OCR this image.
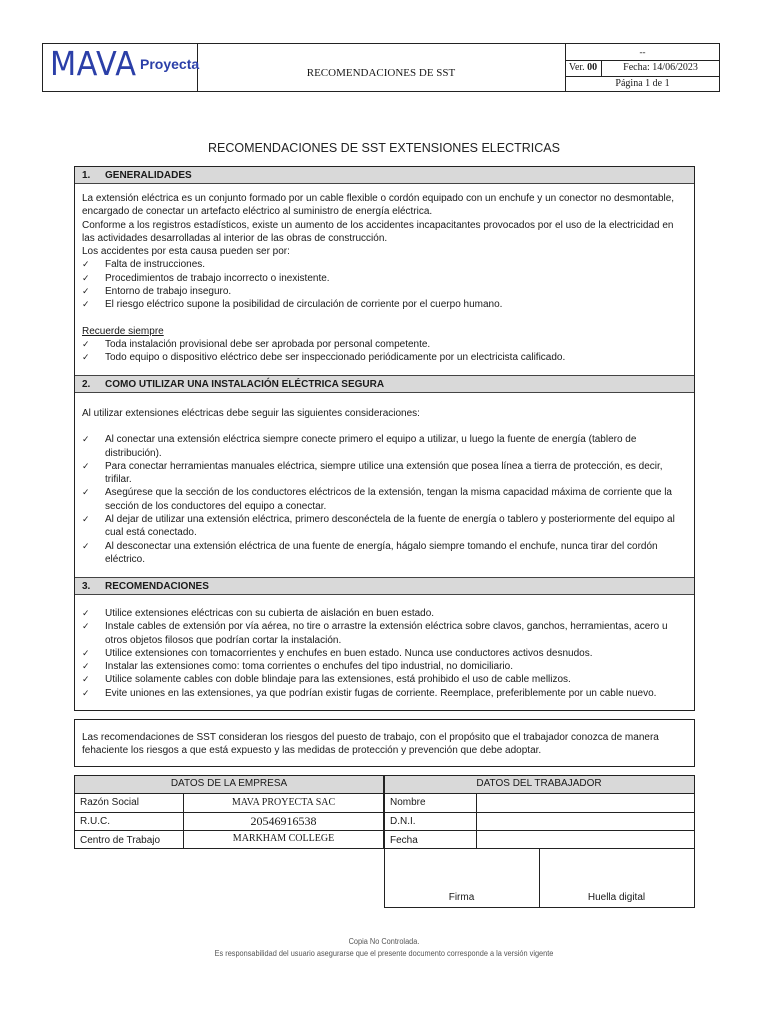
MAVA Proyecta
RECOMENDACIONES DE SST
--
Ver. 00	Fecha: 14/06/2023
Página 1 de 1
RECOMENDACIONES DE SST EXTENSIONES ELECTRICAS
1. GENERALIDADES

La extensión eléctrica es un conjunto formado por un cable flexible o cordón equipado con un enchufe y un conector no desmontable, encargado de conectar un artefacto eléctrico al suministro de energía eléctrica.

Conforme a los registros estadísticos, existe un aumento de los accidentes incapacitantes provocados por el uso de la electricidad en las actividades desarrolladas al interior de las obras de construcción.

Los accidentes por esta causa pueden ser por:

✓ Falta de instrucciones.
✓ Procedimientos de trabajo incorrecto o inexistente.
✓ Entorno de trabajo inseguro.
✓ El riesgo eléctrico supone la posibilidad de circulación de corriente por el cuerpo humano.

Recuerde siempre

✓ Toda instalación provisional debe ser aprobada por personal competente.
✓ Todo equipo o dispositivo eléctrico debe ser inspeccionado periódicamente por un electricista calificado.
2. COMO UTILIZAR UNA INSTALACIÓN ELÉCTRICA SEGURA

Al utilizar extensiones eléctricas debe seguir las siguientes consideraciones:

✓ Al conectar una extensión eléctrica siempre conecte primero el equipo a utilizar, u luego la fuente de energía (tablero de distribución).
✓ Para conectar herramientas manuales eléctrica, siempre utilice una extensión que posea línea a tierra de protección, es decir, trifilar.
✓ Asegúrese que la sección de los conductores eléctricos de la extensión, tengan la misma capacidad máxima de corriente que la sección de los conductores del equipo a conectar.
✓ Al dejar de utilizar una extensión eléctrica, primero desconéctela de la fuente de energía o tablero y posteriormente del equipo al cual está conectado.
✓ Al desconectar una extensión eléctrica de una fuente de energía, hágalo siempre tomando el enchufe, nunca tirar del cordón eléctrico.
3. RECOMENDACIONES
✓ Utilice extensiones eléctricas con su cubierta de aislación en buen estado.
✓ Instale cables de extensión por vía aérea, no tire o arrastre la extensión eléctrica sobre clavos, ganchos, herramientas, acero u otros objetos filosos que podrían cortar la instalación.
✓ Utilice extensiones con tomacorrientes y enchufes en buen estado. Nunca use conductores activos desnudos.
✓ Instalar las extensiones como: toma corrientes o enchufes del tipo industrial, no domiciliario.
✓ Utilice solamente cables con doble blindaje para las extensiones, está prohibido el uso de cable mellizos.
✓ Evite uniones en las extensiones, ya que podrían existir fugas de corriente. Reemplace, preferiblemente por un cable nuevo.
Las recomendaciones de SST consideran los riesgos del puesto de trabajo, con el propósito que el trabajador conozca de manera fehaciente los riesgos a que está expuesto y las medidas de protección y prevención que debe adoptar.
DATOS DE LA EMPRESA
Razón Social	MAVA PROYECTA SAC
R.U.C.	20546916538
Centro de Trabajo	MARKHAM COLLEGE
DATOS DEL TRABAJADOR
Nombre
D.N.I.
Fecha
Firma	Huella digital
Copia No Controlada.
Es responsabilidad del usuario asegurarse que el presente documento corresponde a la versión vigente
